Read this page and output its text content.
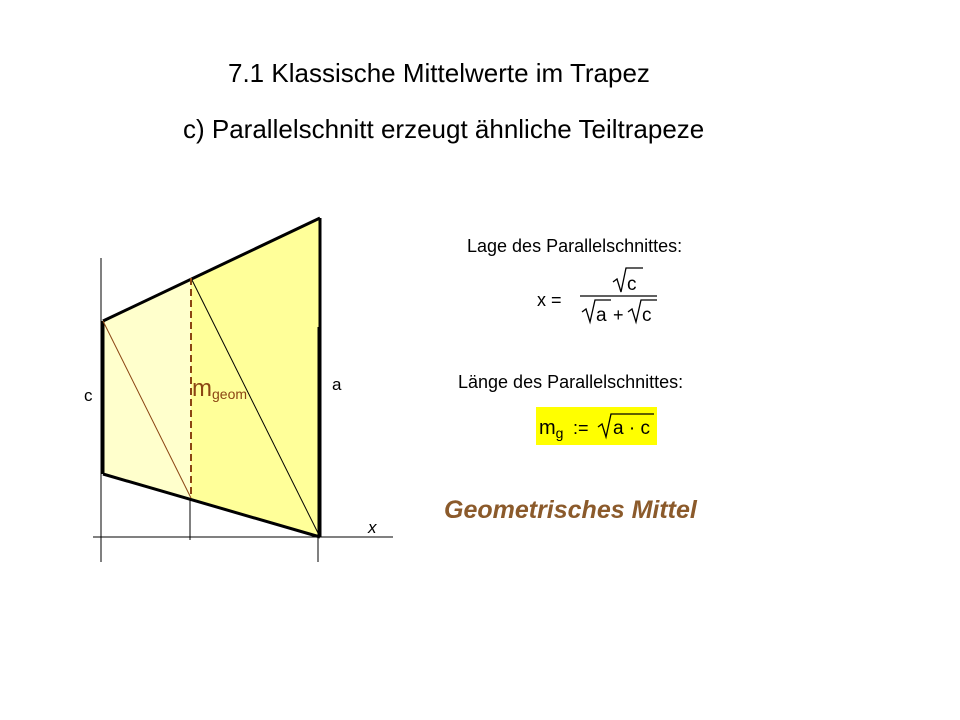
7.1 Klassische Mittelwerte im Trapez
c) Parallelschnitt erzeugt ähnliche Teiltrapeze
c
a
x
mgeom
x =
c
a + c
$m_g$ := a · c
Lage des Parallelschnittes:
Länge des Parallelschnittes:
Geometrisches Mittel
